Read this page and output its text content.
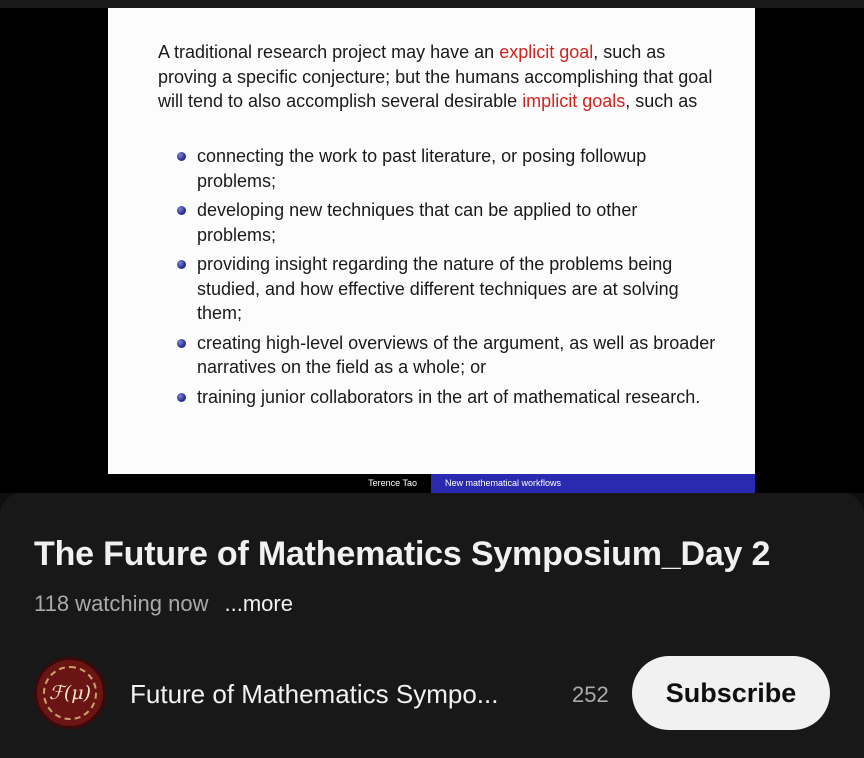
A traditional research project may have an explicit goal, such as proving a specific conjecture; but the humans accomplishing that goal will tend to also accomplish several desirable implicit goals, such as

connecting the work to past literature, or posing followup problems;
developing new techniques that can be applied to other problems;
providing insight regarding the nature of the problems being studied, and how effective different techniques are at solving them;
creating high-level overviews of the argument, as well as broader narratives on the field as a whole; or
training junior collaborators in the art of mathematical research.
Terence Tao	New mathematical workflows
The Future of Mathematics Symposium_Day 2
118 watching now ...more
ℱ(μ)	Future of Mathematics Sympo...	252	Subscribe
